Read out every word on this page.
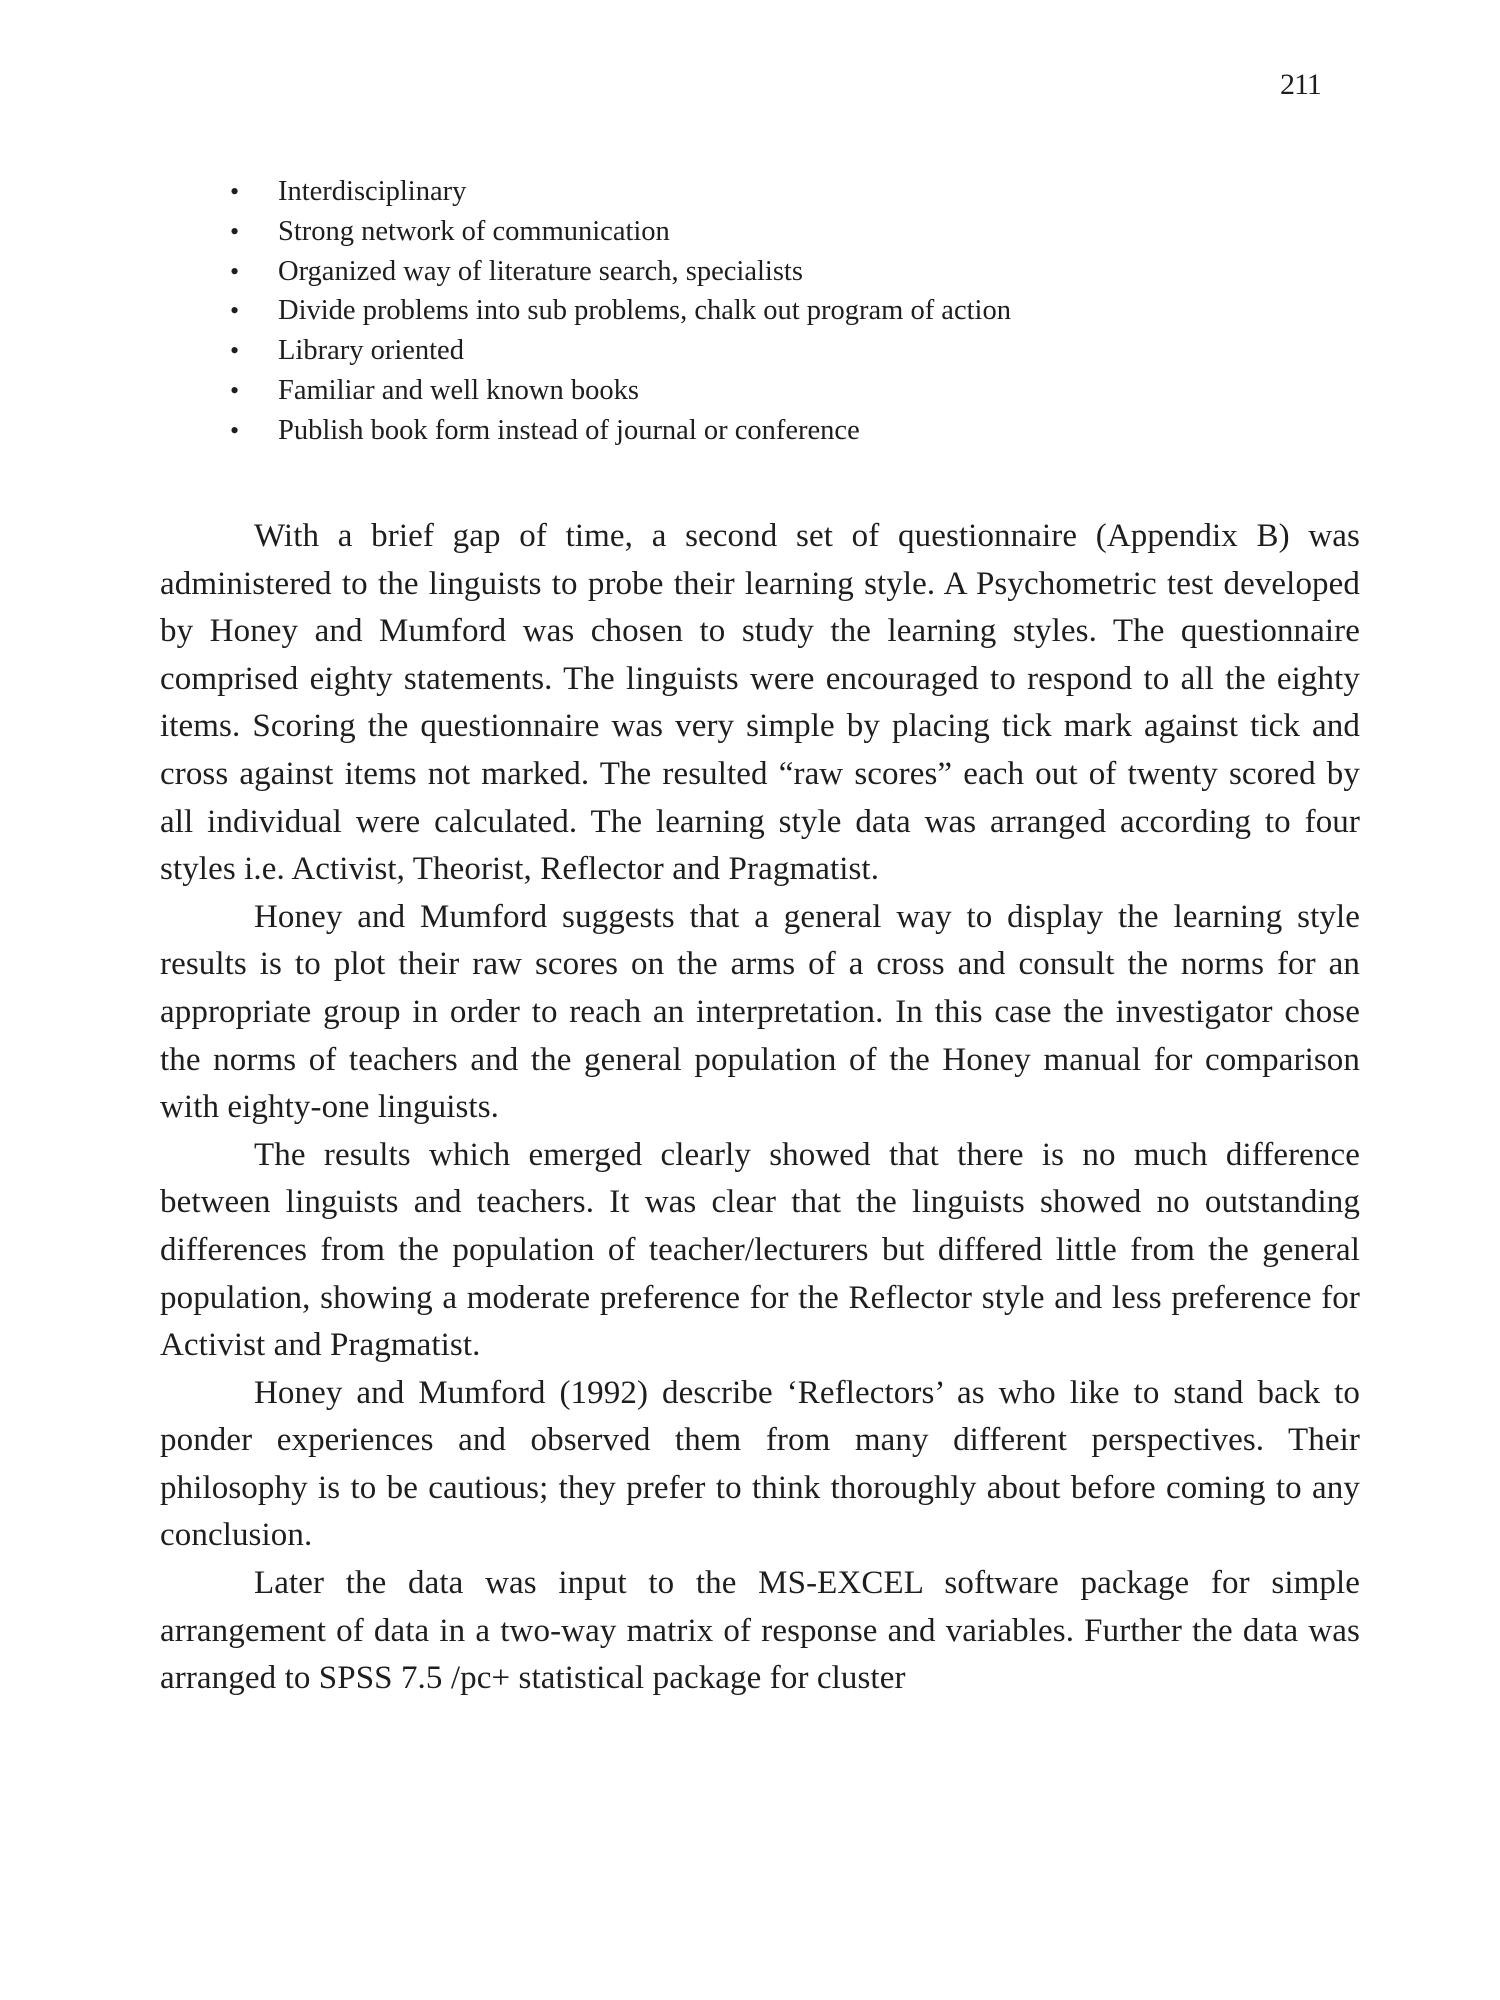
211
•	Interdisciplinary
•	Strong network of communication
•	Organized way of literature search, specialists
•	Divide problems into sub problems, chalk out program of action
•	Library oriented
•	Familiar and well known books
•	Publish book form instead of journal or conference

With a brief gap of time, a second set of questionnaire (Appendix B) was administered to the linguists to probe their learning style. A Psychometric test developed by Honey and Mumford was chosen to study the learning styles. The questionnaire comprised eighty statements. The linguists were encouraged to respond to all the eighty items. Scoring the questionnaire was very simple by placing tick mark against tick and cross against items not marked. The resulted “raw scores” each out of twenty scored by all individual were calculated. The learning style data was arranged according to four styles i.e. Activist, Theorist, Reflector and Pragmatist.

Honey and Mumford suggests that a general way to display the learning style results is to plot their raw scores on the arms of a cross and consult the norms for an appropriate group in order to reach an interpretation. In this case the investigator chose the norms of teachers and the general population of the Honey manual for comparison with eighty-one linguists.

The results which emerged clearly showed that there is no much difference between linguists and teachers. It was clear that the linguists showed no outstanding differences from the population of teacher/lecturers but differed little from the general population, showing a moderate preference for the Reflector style and less preference for Activist and Pragmatist.

Honey and Mumford (1992) describe ‘Reflectors’ as who like to stand back to ponder experiences and observed them from many different perspectives. Their philosophy is to be cautious; they prefer to think thoroughly about before coming to any conclusion.

Later the data was input to the MS-EXCEL software package for simple arrangement of data in a two-way matrix of response and variables. Further the data was arranged to SPSS 7.5 /pc+ statistical package for cluster
